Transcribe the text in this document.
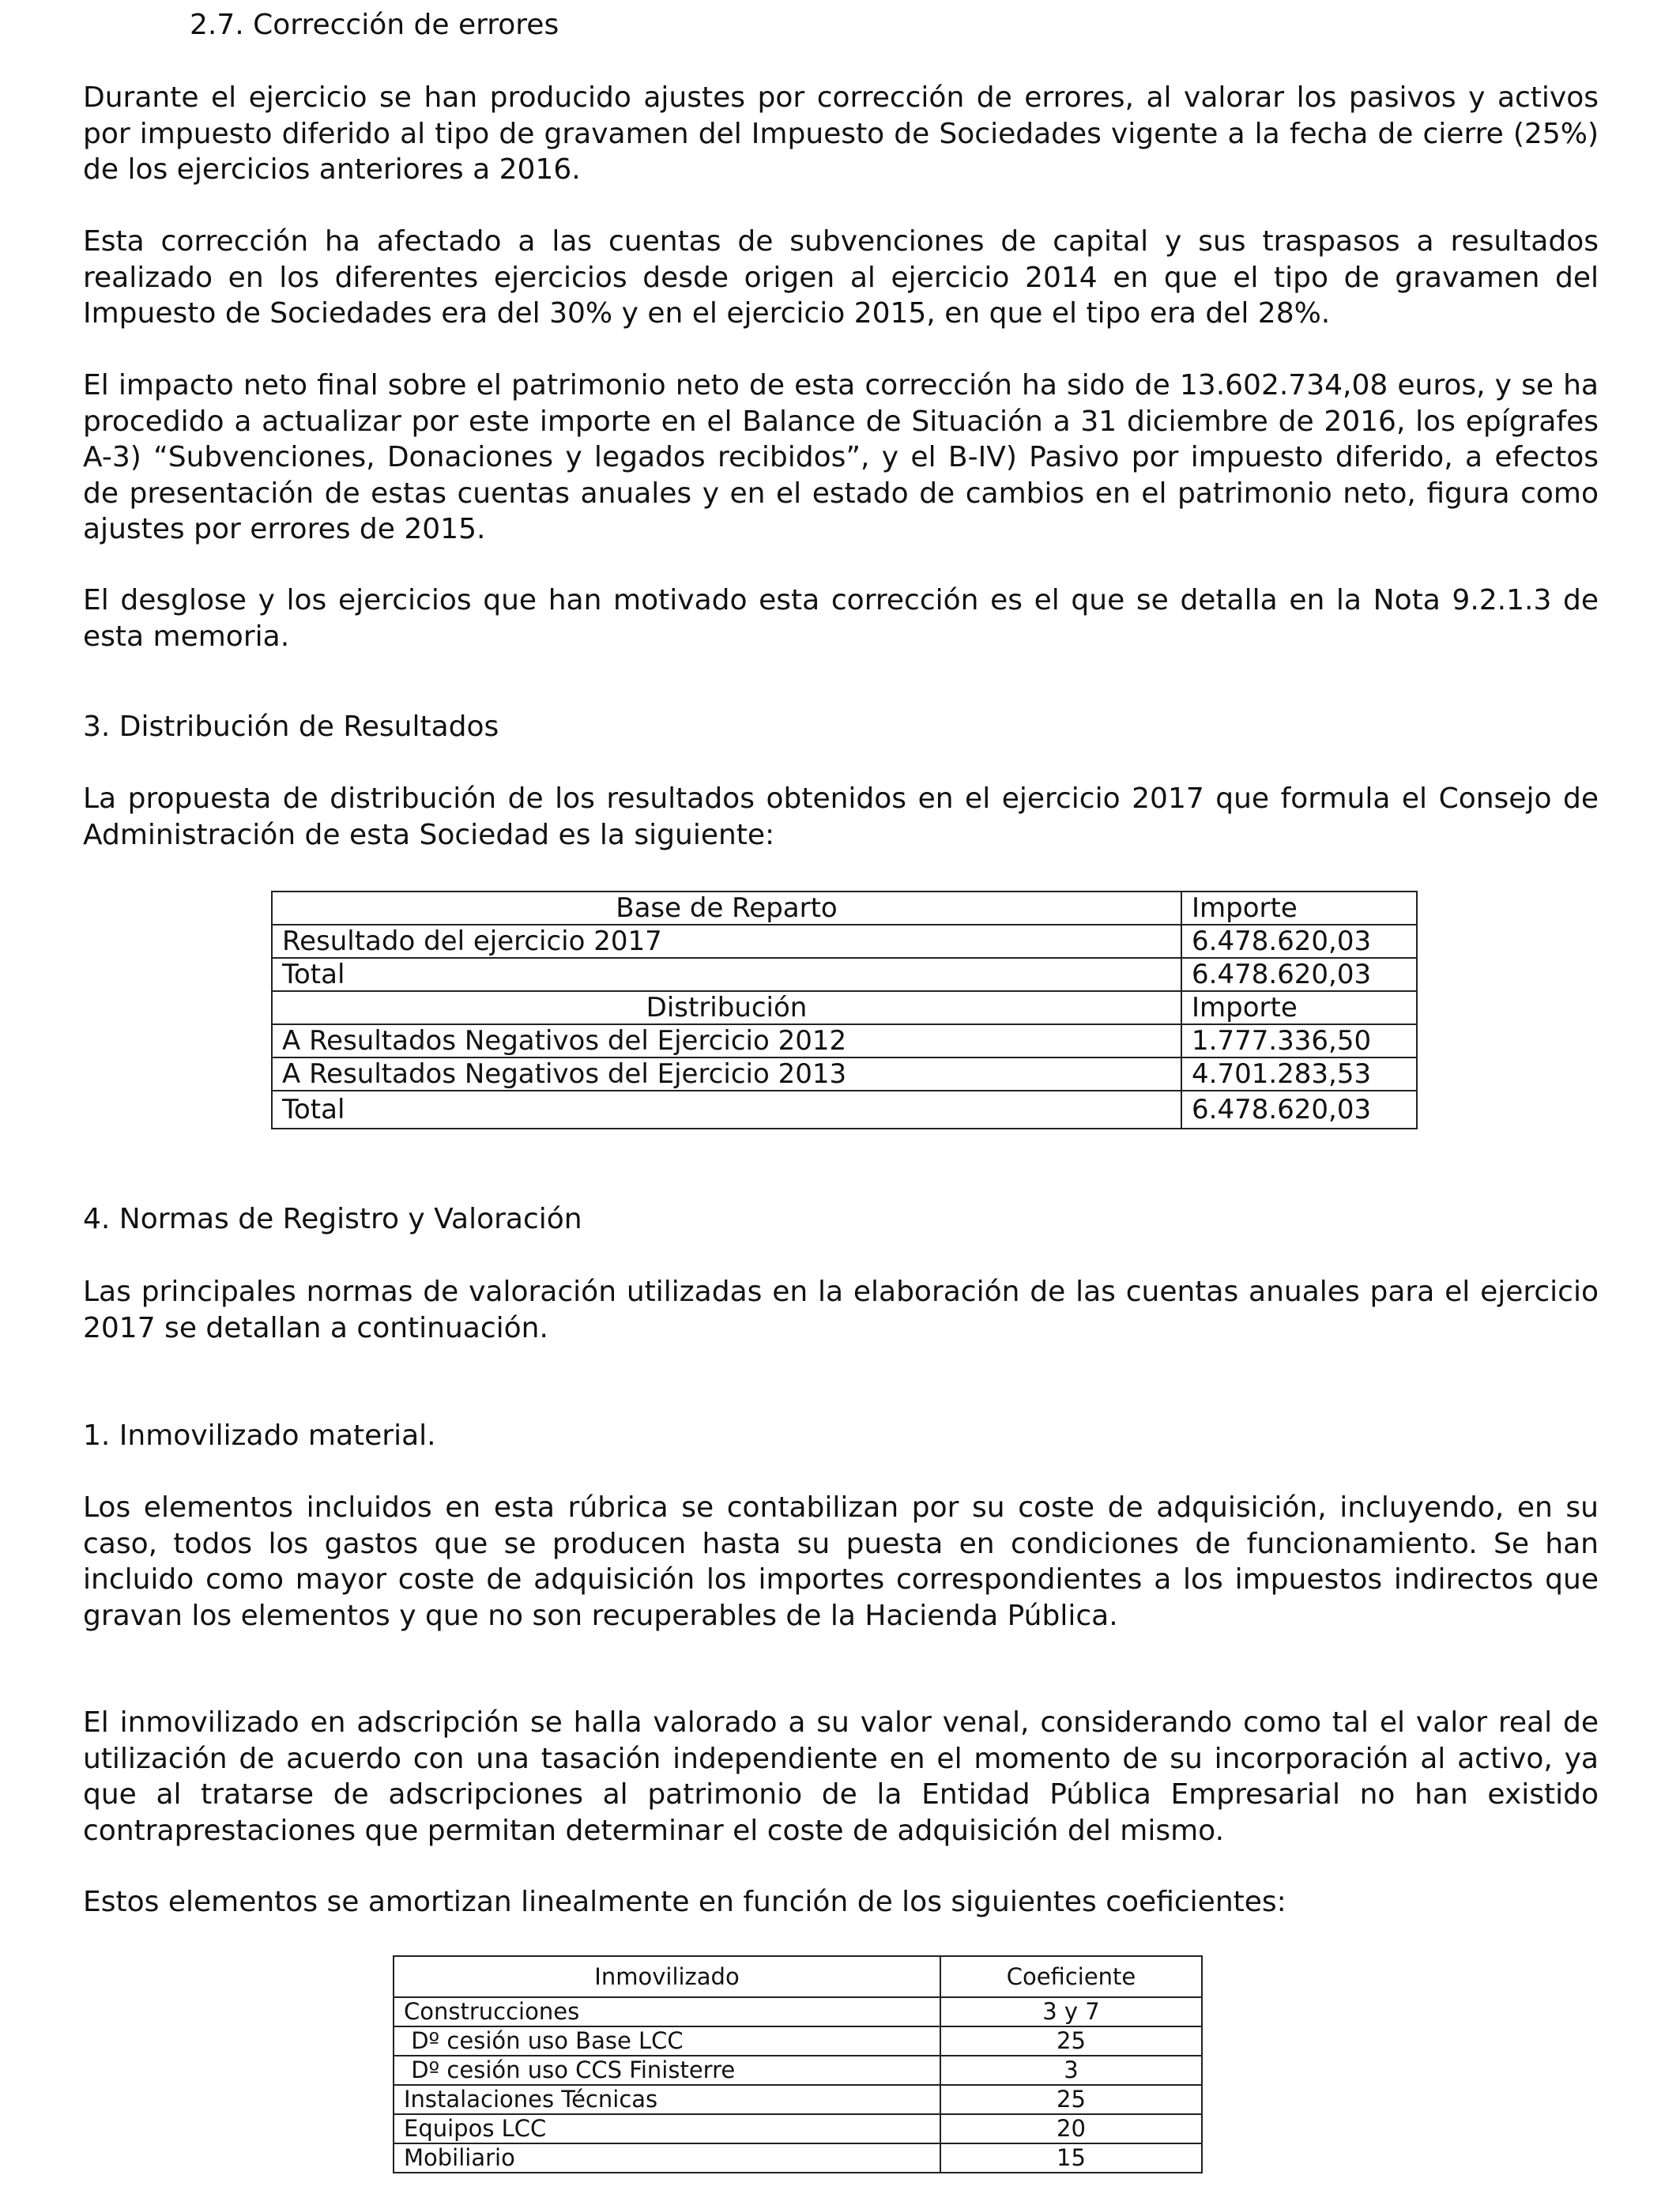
2.7. Corrección de errores
Durante el ejercicio se han producido ajustes por corrección de errores, al valorar los pasivos y activos por impuesto diferido al tipo de gravamen del Impuesto de Sociedades vigente a la fecha de cierre (25%) de los ejercicios anteriores a 2016.
Esta corrección ha afectado a las cuentas de subvenciones de capital y sus traspasos a resultados realizado en los diferentes ejercicios desde origen al ejercicio 2014 en que el tipo de gravamen del Impuesto de Sociedades era del 30% y en el ejercicio 2015, en que el tipo era del 28%.
El impacto neto final sobre el patrimonio neto de esta corrección ha sido de 13.602.734,08 euros, y se ha procedido a actualizar por este importe en el Balance de Situación a 31 diciembre de 2016, los epígrafes A-3) “Subvenciones, Donaciones y legados recibidos”, y el B-IV) Pasivo por impuesto diferido, a efectos de presentación de estas cuentas anuales y en el estado de cambios en el patrimonio neto, figura como ajustes por errores de 2015.
El desglose y los ejercicios que han motivado esta corrección es el que se detalla en la Nota 9.2.1.3 de esta memoria.
3. Distribución de Resultados
La propuesta de distribución de los resultados obtenidos en el ejercicio 2017 que formula el Consejo de Administración de esta Sociedad es la siguiente:
Base de Reparto	Importe
Resultado del ejercicio 2017	6.478.620,03
Total	6.478.620,03
Distribución	Importe
A Resultados Negativos del Ejercicio 2012	1.777.336,50
A Resultados Negativos del Ejercicio 2013	4.701.283,53
Total	6.478.620,03
4. Normas de Registro y Valoración
Las principales normas de valoración utilizadas en la elaboración de las cuentas anuales para el ejercicio 2017 se detallan a continuación.
1. Inmovilizado material.
Los elementos incluidos en esta rúbrica se contabilizan por su coste de adquisición, incluyendo, en su caso, todos los gastos que se producen hasta su puesta en condiciones de funcionamiento. Se han incluido como mayor coste de adquisición los importes correspondientes a los impuestos indirectos que gravan los elementos y que no son recuperables de la Hacienda Pública.
El inmovilizado en adscripción se halla valorado a su valor venal, considerando como tal el valor real de utilización de acuerdo con una tasación independiente en el momento de su incorporación al activo, ya que al tratarse de adscripciones al patrimonio de la Entidad Pública Empresarial no han existido contraprestaciones que permitan determinar el coste de adquisición del mismo.
Estos elementos se amortizan linealmente en función de los siguientes coeficientes:
Inmovilizado	Coeficiente
Construcciones	3 y 7
Dº cesión uso Base LCC	25
Dº cesión uso CCS Finisterre	3
Instalaciones Técnicas	25
Equipos LCC	20
Mobiliario	15
